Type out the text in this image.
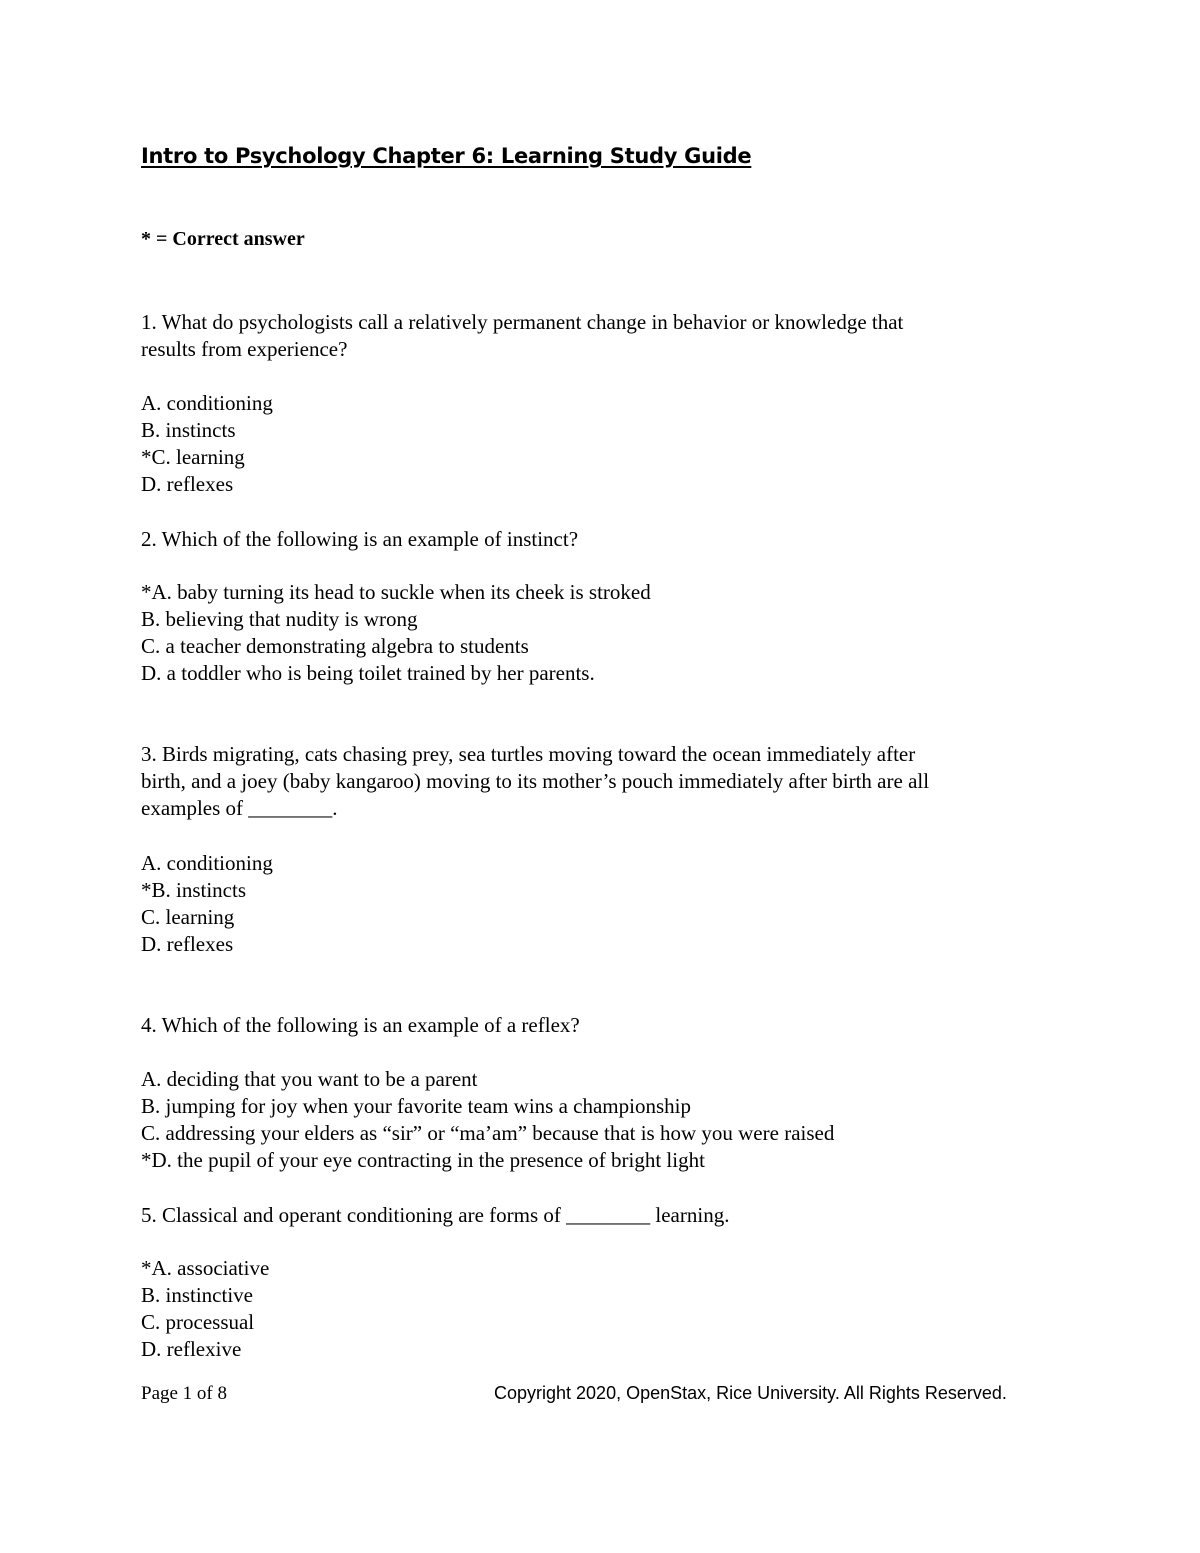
Intro to Psychology Chapter 6: Learning Study Guide
* = Correct answer
1. What do psychologists call a relatively permanent change in behavior or knowledge that
results from experience?
A. conditioning
B. instincts
*C. learning
D. reflexes
2. Which of the following is an example of instinct?
*A. baby turning its head to suckle when its cheek is stroked
B. believing that nudity is wrong
C. a teacher demonstrating algebra to students
D. a toddler who is being toilet trained by her parents.
3. Birds migrating, cats chasing prey, sea turtles moving toward the ocean immediately after
birth, and a joey (baby kangaroo) moving to its mother’s pouch immediately after birth are all
examples of ________.
A. conditioning
*B. instincts
C. learning
D. reflexes
4. Which of the following is an example of a reflex?
A. deciding that you want to be a parent
B. jumping for joy when your favorite team wins a championship
C. addressing your elders as “sir” or “ma’am” because that is how you were raised
*D. the pupil of your eye contracting in the presence of bright light
5. Classical and operant conditioning are forms of ________ learning.
*A. associative
B. instinctive
C. processual
D. reflexive
Page 1 of 8	Copyright 2020, OpenStax, Rice University. All Rights Reserved.
